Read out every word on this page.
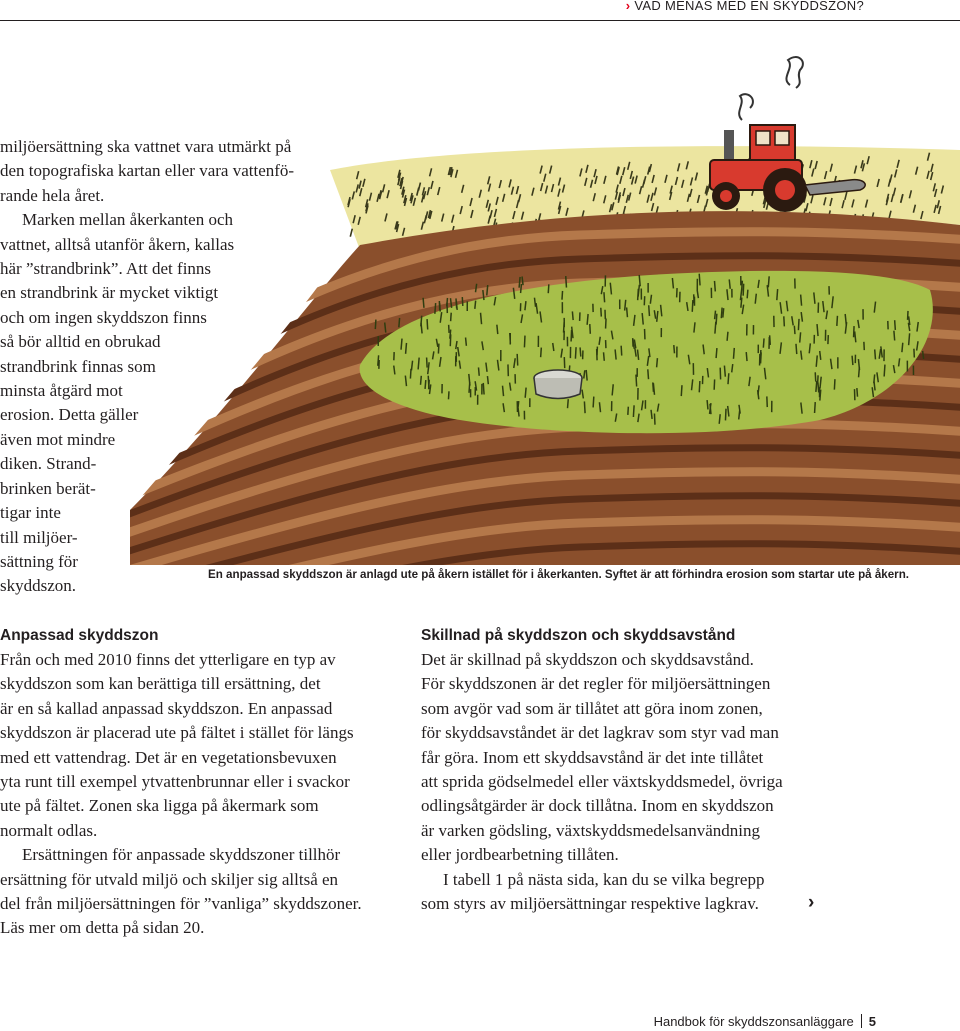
› VAD MENAS MED EN SKYDDSZON?

miljöersättning ska vattnet vara utmärkt på
den topografiska kartan eller vara vattenfö-
rande hela året.

Marken mellan åkerkanten och
vattnet, alltså utanför åkern, kallas
här ”strandbrink”. Att det finns
en strandbrink är mycket viktigt
och om ingen skyddszon finns
så bör alltid en obrukad
strandbrink finnas som
minsta åtgärd mot
erosion. Detta gäller
även mot mindre
diken. Strand-
brinken berät-
tigar inte
till miljöer-
sättning för
skyddszon.

En anpassad skyddszon är anlagd ute på åkern istället för i åkerkanten. Syftet är att förhindra erosion som startar ute på åkern.
Anpassad skyddszon

Från och med 2010 finns det ytterligare en typ av
skyddszon som kan berättiga till ersättning, det
är en så kallad anpassad skyddszon. En anpassad
skyddszon är placerad ute på fältet i stället för längs
med ett vattendrag. Det är en vegetationsbevuxen
yta runt till exempel ytvattenbrunnar eller i svackor
ute på fältet. Zonen ska ligga på åkermark som
normalt odlas.

Ersättningen för anpassade skyddszoner tillhör
ersättning för utvald miljö och skiljer sig alltså en
del från miljöersättningen för ”vanliga” skyddszoner.
Läs mer om detta på sidan 20.

Skillnad på skyddszon och skyddsavstånd

Det är skillnad på skyddszon och skyddsavstånd.
För skyddszonen är det regler för miljöersättningen
som avgör vad som är tillåtet att göra inom zonen,
för skyddsavståndet är det lagkrav som styr vad man
får göra. Inom ett skyddsavstånd är det inte tillåtet
att sprida gödselmedel eller växtskyddsmedel, övriga
odlingsåtgärder är dock tillåtna. Inom en skyddszon
är varken gödsling, växtskyddsmedelsanvändning
eller jordbearbetning tillåten.

I tabell 1 på nästa sida, kan du se vilka begrepp
som styrs av miljöersättningar respektive lagkrav.	›
Handbok för skyddszonsanläggare 5
